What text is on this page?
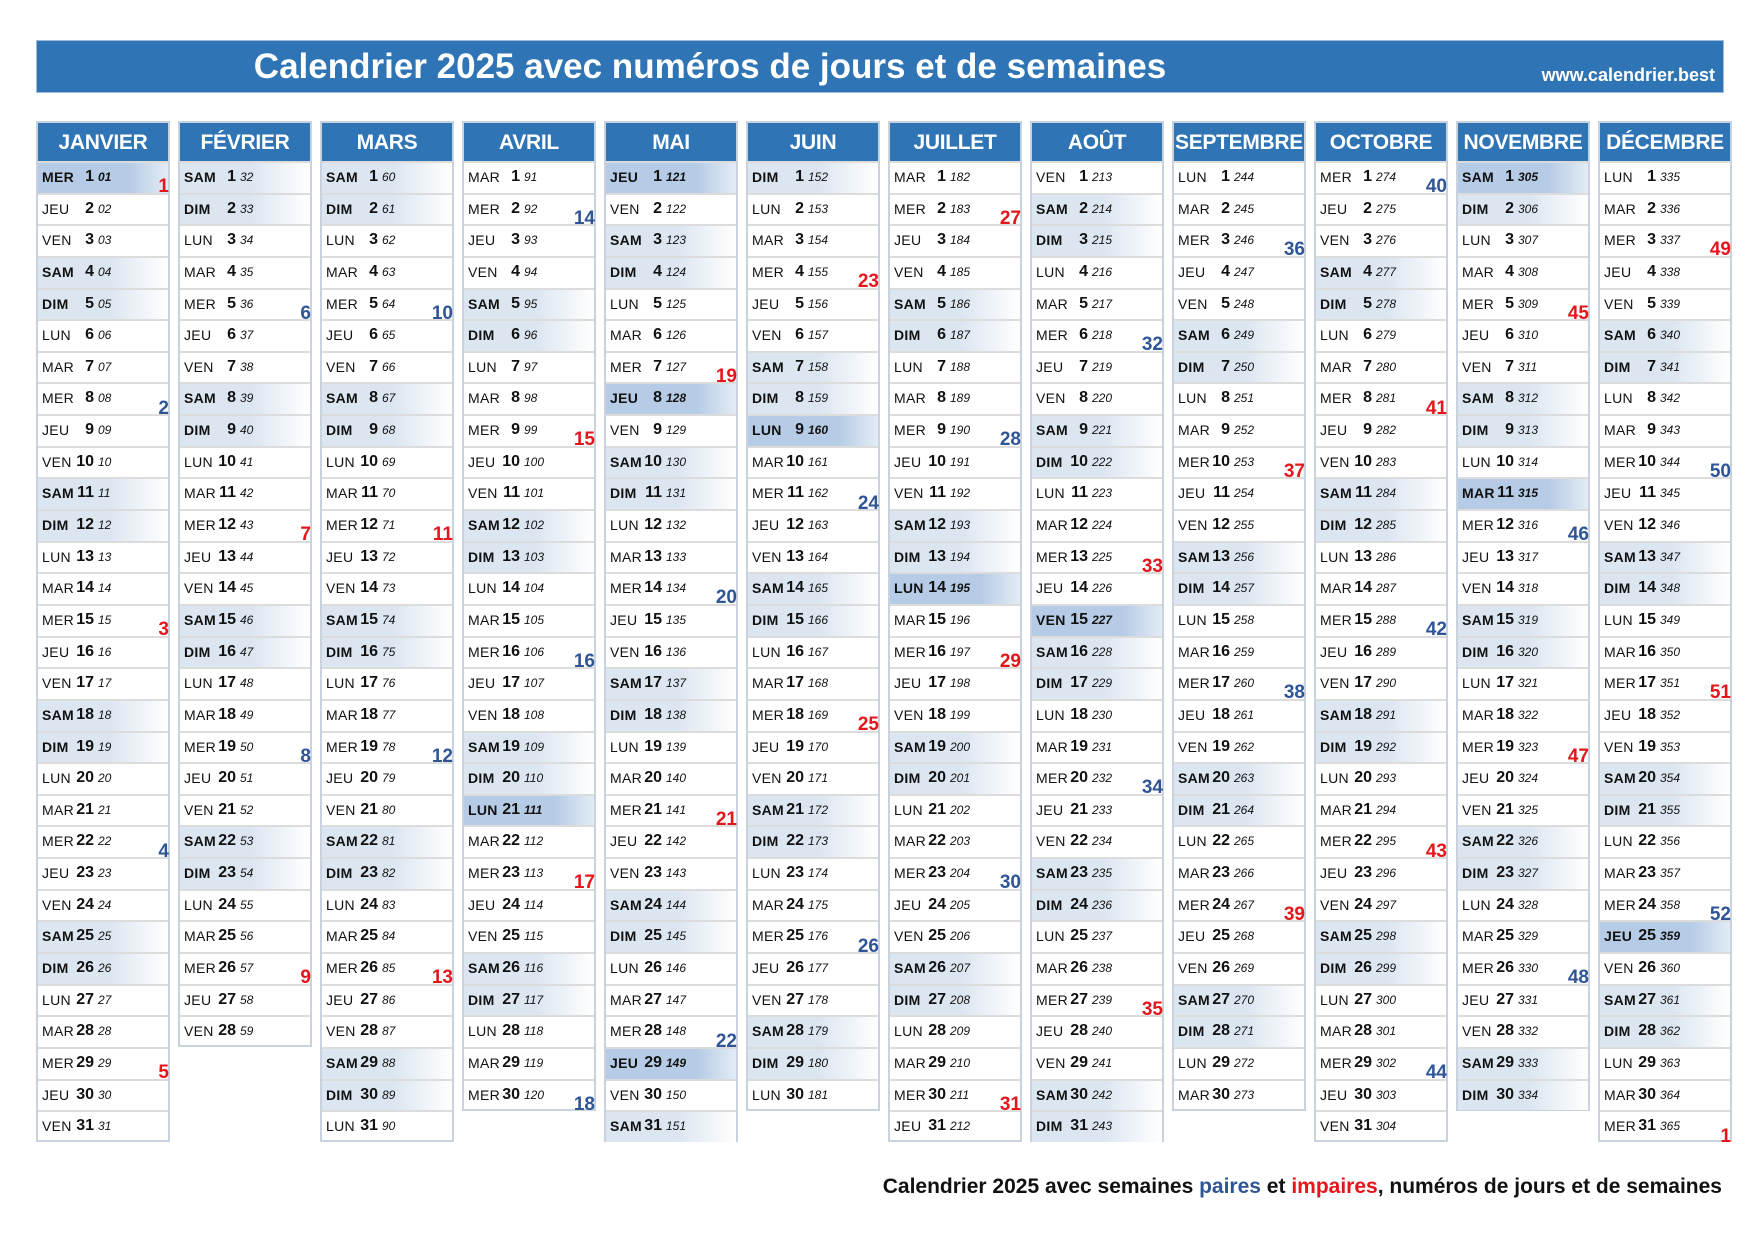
Calendrier 2025 avec numéros de jours et de semaines	www.calendrier.best
JANVIER
MER 1 01
JEU 2 02
VEN 3 03
SAM 4 04
DIM	5 05
LUN 6 06
MAR 7 07
MER 8 08
JEU 9 09
VEN 10 10
SAM 11 11
DIM 12 12
LUN 13 13
MAR 14 14
MER 15 15
JEU 16 16
VEN 17 17
SAM 18 18
DIM 19 19
LUN 20 20
MAR 21 21
MER 22 22
JEU 23 23
VEN 24 24
SAM 25 25
DIM 26 26
LUN 27 27
MAR 28 28
MER 29 29
JEU 30 30
VEN 31 31
1
2
3
4
5
FÉVRIER
SAM 1 32
DIM	2 33
LUN 3 34
MAR 4 35
MER 5 36
JEU 6 37
VEN 7 38
SAM 8 39
DIM	9 40
LUN 10 41
MAR 11 42
MER 12 43
JEU 13 44
VEN 14 45
SAM 15 46
DIM 16 47
LUN 17 48
MAR 18 49
MER 19 50
JEU 20 51
VEN 21 52
SAM 22 53
DIM 23 54
LUN 24 55
MAR 25 56
MER 26 57
JEU 27 58
VEN 28 59
6
7
8
9
MARS
SAM 1 60
DIM	2 61
LUN 3 62
MAR 4 63
MER 5 64
JEU 6 65
VEN 7 66
SAM 8 67
DIM	9 68
LUN 10 69
MAR 11 70
MER 12 71
JEU 13 72
VEN 14 73
SAM 15 74
DIM 16 75
LUN 17 76
MAR 18 77
MER 19 78
JEU 20 79
VEN 21 80
SAM 22 81
DIM 23 82
LUN 24 83
MAR 25 84
MER 26 85
JEU 27 86
VEN 28 87
SAM 29 88
DIM 30 89
LUN 31 90
10
11
12
13
AVRIL
MAR 1 91
MER 2 92
JEU 3 93
VEN 4 94
SAM 5 95
DIM	6 96
LUN 7 97
MAR 8 98
MER 9 99
JEU 10 100
VEN 11 101
SAM 12 102
DIM 13 103
LUN 14 104
MAR 15 105
MER 16 106
JEU 17 107
VEN 18 108
SAM 19 109
DIM 20 110
LUN 21 111
MAR 22 112
MER 23 113
JEU 24 114
VEN 25 115
SAM 26 116
DIM 27 117
LUN 28 118
MAR 29 119
MER 30 120
14
15
16
17
18
MAI
JEU 1 121
VEN 2 122
SAM 3 123
DIM	4 124
LUN 5 125
MAR 6 126
MER 7 127
JEU 8 128
VEN 9 129
SAM 10 130
DIM 11 131
LUN 12 132
MAR 13 133
MER 14 134
JEU 15 135
VEN 16 136
SAM 17 137
DIM 18 138
LUN 19 139
MAR 20 140
MER 21 141
JEU 22 142
VEN 23 143
SAM 24 144
DIM 25 145
LUN 26 146
MAR 27 147
MER 28 148
JEU 29 149
VEN 30 150
SAM 31 151
19
20
21
22
JUIN
DIM	1 152
LUN 2 153
MAR 3 154
MER 4 155
JEU 5 156
VEN 6 157
SAM 7 158
DIM	8 159
LUN 9 160
MAR 10 161
MER 11 162
JEU 12 163
VEN 13 164
SAM 14 165
DIM 15 166
LUN 16 167
MAR 17 168
MER 18 169
JEU 19 170
VEN 20 171
SAM 21 172
DIM 22 173
LUN 23 174
MAR 24 175
MER 25 176
JEU 26 177
VEN 27 178
SAM 28 179
DIM 29 180
LUN 30 181
23
24
25
26
JUILLET
MAR 1 182
MER 2 183
JEU 3 184
VEN 4 185
SAM 5 186
DIM	6 187
LUN 7 188
MAR 8 189
MER 9 190
JEU 10 191
VEN 11 192
SAM 12 193
DIM 13 194
LUN 14 195
MAR 15 196
MER 16 197
JEU 17 198
VEN 18 199
SAM 19 200
DIM 20 201
LUN 21 202
MAR 22 203
MER 23 204
JEU 24 205
VEN 25 206
SAM 26 207
DIM 27 208
LUN 28 209
MAR 29 210
MER 30 211
JEU 31 212
27
28
29
30
31
AOÛT
VEN 1 213
SAM 2 214
DIM	3 215
LUN 4 216
MAR 5 217
MER 6 218
JEU 7 219
VEN 8 220
SAM 9 221
DIM 10 222
LUN 11 223
MAR 12 224
MER 13 225
JEU 14 226
VEN 15 227
SAM 16 228
DIM 17 229
LUN 18 230
MAR 19 231
MER 20 232
JEU 21 233
VEN 22 234
SAM 23 235
DIM 24 236
LUN 25 237
MAR 26 238
MER 27 239
JEU 28 240
VEN 29 241
SAM 30 242
DIM 31 243
32
33
34
35
SEPTEMBRE
LUN 1 244
MAR 2 245
MER 3 246
JEU 4 247
VEN 5 248
SAM 6 249
DIM	7 250
LUN 8 251
MAR 9 252
MER 10 253
JEU 11 254
VEN 12 255
SAM 13 256
DIM 14 257
LUN 15 258
MAR 16 259
MER 17 260
JEU 18 261
VEN 19 262
SAM 20 263
DIM 21 264
LUN 22 265
MAR 23 266
MER 24 267
JEU 25 268
VEN 26 269
SAM 27 270
DIM 28 271
LUN 29 272
MAR 30 273
36
37
38
39
OCTOBRE
MER 1 274
JEU 2 275
VEN 3 276
SAM 4 277
DIM	5 278
LUN 6 279
MAR 7 280
MER 8 281
JEU 9 282
VEN 10 283
SAM 11 284
DIM 12 285
LUN 13 286
MAR 14 287
MER 15 288
JEU 16 289
VEN 17 290
SAM 18 291
DIM 19 292
LUN 20 293
MAR 21 294
MER 22 295
JEU 23 296
VEN 24 297
SAM 25 298
DIM 26 299
LUN 27 300
MAR 28 301
MER 29 302
JEU 30 303
VEN 31 304
40
41
42
43
44
NOVEMBRE
SAM 1 305
DIM	2 306
LUN 3 307
MAR 4 308
MER 5 309
JEU 6 310
VEN 7 311
SAM 8 312
DIM	9 313
LUN 10 314
MAR 11 315
MER 12 316
JEU 13 317
VEN 14 318
SAM 15 319
DIM 16 320
LUN 17 321
MAR 18 322
MER 19 323
JEU 20 324
VEN 21 325
SAM 22 326
DIM 23 327
LUN 24 328
MAR 25 329
MER 26 330
JEU 27 331
VEN 28 332
SAM 29 333
DIM 30 334
45
46
47
48
DÉCEMBRE
LUN 1 335
MAR 2 336
MER 3 337
JEU 4 338
VEN 5 339
SAM 6 340
DIM	7 341
LUN 8 342
MAR 9 343
MER 10 344
JEU 11 345
VEN 12 346
SAM 13 347
DIM 14 348
LUN 15 349
MAR 16 350
MER 17 351
JEU 18 352
VEN 19 353
SAM 20 354
DIM 21 355
LUN 22 356
MAR 23 357
MER 24 358
JEU 25 359
VEN 26 360
SAM 27 361
DIM 28 362
LUN 29 363
MAR 30 364
MER 31 365
49
50
51
52
1
Calendrier 2025 avec semaines paires et impaires, numéros de jours et de semaines
